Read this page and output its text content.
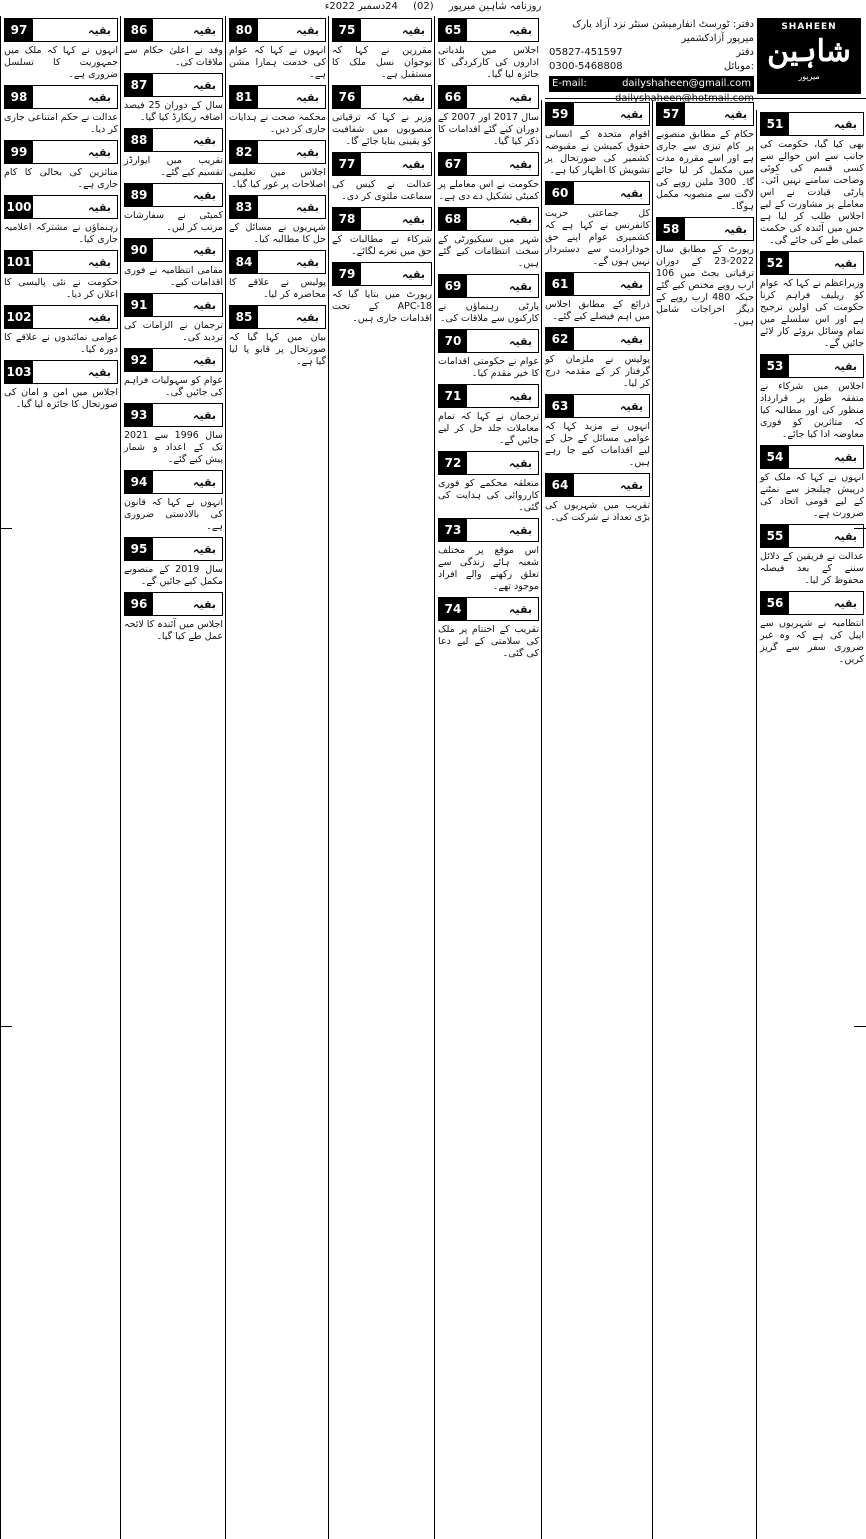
روزنامہ شاہین میرپور (02) 24دسمبر 2022ء
51	بقیہ
بھی کیا گیا، حکومت کی جانب سے اس حوالے سے کسی قسم کی کوئی وضاحت سامنے نہیں آئی۔ پارٹی قیادت نے اس معاملے پر مشاورت کے لیے اجلاس طلب کر لیا ہے جس میں آئندہ کی حکمت عملی طے کی جائے گی۔
52	بقیہ
وزیراعظم نے کہا کہ عوام کو ریلیف فراہم کرنا حکومت کی اولین ترجیح ہے اور اس سلسلے میں تمام وسائل بروئے کار لائے جائیں گے۔
53	بقیہ
اجلاس میں شرکاء نے متفقہ طور پر قرارداد منظور کی اور مطالبہ کیا کہ متاثرین کو فوری معاوضہ ادا کیا جائے۔
54	بقیہ
انہوں نے کہا کہ ملک کو درپیش چیلنجز سے نمٹنے کے لیے قومی اتحاد کی ضرورت ہے۔
55	بقیہ
عدالت نے فریقین کے دلائل سننے کے بعد فیصلہ محفوظ کر لیا۔
56	بقیہ
انتظامیہ نے شہریوں سے اپیل کی ہے کہ وہ غیر ضروری سفر سے گریز کریں۔
57	بقیہ
حکام کے مطابق منصوبے پر کام تیزی سے جاری ہے اور اسے مقررہ مدت میں مکمل کر لیا جائے گا۔ 300 ملین روپے کی لاگت سے منصوبہ مکمل ہوگا۔
58	بقیہ
رپورٹ کے مطابق سال 2022-23 کے دوران ترقیاتی بجٹ میں 106 ارب روپے مختص کیے گئے جبکہ 480 ارب روپے کے دیگر اخراجات شامل ہیں۔
59	بقیہ
اقوام متحدہ کے انسانی حقوق کمیشن نے مقبوضہ کشمیر کی صورتحال پر تشویش کا اظہار کیا ہے۔
60	بقیہ
کل جماعتی حریت کانفرنس نے کہا ہے کہ کشمیری عوام اپنے حق خودارادیت سے دستبردار نہیں ہوں گے۔
61	بقیہ
ذرائع کے مطابق اجلاس میں اہم فیصلے کیے گئے۔
62	بقیہ
پولیس نے ملزمان کو گرفتار کر کے مقدمہ درج کر لیا۔
63	بقیہ
انہوں نے مزید کہا کہ عوامی مسائل کے حل کے لیے اقدامات کیے جا رہے ہیں۔
64	بقیہ
تقریب میں شہریوں کی بڑی تعداد نے شرکت کی۔
65	بقیہ
اجلاس میں بلدیاتی اداروں کی کارکردگی کا جائزہ لیا گیا۔
66	بقیہ
سال 2017 اور 2007 کے دوران کیے گئے اقدامات کا ذکر کیا گیا۔
67	بقیہ
حکومت نے اس معاملے پر کمیٹی تشکیل دے دی ہے۔
68	بقیہ
شہر میں سیکیورٹی کے سخت انتظامات کیے گئے ہیں۔
69	بقیہ
پارٹی رہنماؤں نے کارکنوں سے ملاقات کی۔
70	بقیہ
عوام نے حکومتی اقدامات کا خیر مقدم کیا۔
71	بقیہ
ترجمان نے کہا کہ تمام معاملات جلد حل کر لیے جائیں گے۔
72	بقیہ
متعلقہ محکمے کو فوری کارروائی کی ہدایت کی گئی۔
73	بقیہ
اس موقع پر مختلف شعبہ ہائے زندگی سے تعلق رکھنے والے افراد موجود تھے۔
74	بقیہ
تقریب کے اختتام پر ملک کی سلامتی کے لیے دعا کی گئی۔
75	بقیہ
مقررین نے کہا کہ نوجوان نسل ملک کا مستقبل ہے۔
76	بقیہ
وزیر نے کہا کہ ترقیاتی منصوبوں میں شفافیت کو یقینی بنایا جائے گا۔
77	بقیہ
عدالت نے کیس کی سماعت ملتوی کر دی۔
78	بقیہ
شرکاء نے مطالبات کے حق میں نعرے لگائے۔
79	بقیہ
رپورٹ میں بتایا گیا کہ APC-18 کے تحت اقدامات جاری ہیں۔
80	بقیہ
انہوں نے کہا کہ عوام کی خدمت ہمارا مشن ہے۔
81	بقیہ
محکمہ صحت نے ہدایات جاری کر دیں۔
82	بقیہ
اجلاس میں تعلیمی اصلاحات پر غور کیا گیا۔
83	بقیہ
شہریوں نے مسائل کے حل کا مطالبہ کیا۔
84	بقیہ
پولیس نے علاقے کا محاصرہ کر لیا۔
85	بقیہ
بیان میں کہا گیا کہ صورتحال پر قابو پا لیا گیا ہے۔
86	بقیہ
وفد نے اعلیٰ حکام سے ملاقات کی۔
87	بقیہ
سال کے دوران 25 فیصد اضافہ ریکارڈ کیا گیا۔
88	بقیہ
تقریب میں ایوارڈز تقسیم کیے گئے۔
89	بقیہ
کمیٹی نے سفارشات مرتب کر لیں۔
90	بقیہ
مقامی انتظامیہ نے فوری اقدامات کیے۔
91	بقیہ
ترجمان نے الزامات کی تردید کی۔
92	بقیہ
عوام کو سہولیات فراہم کی جائیں گی۔
93	بقیہ
سال 1996 سے 2021 تک کے اعداد و شمار پیش کیے گئے۔
94	بقیہ
انہوں نے کہا کہ قانون کی بالادستی ضروری ہے۔
95	بقیہ
سال 2019 کے منصوبے مکمل کیے جائیں گے۔
96	بقیہ
اجلاس میں آئندہ کا لائحہ عمل طے کیا گیا۔
97	بقیہ
انہوں نے کہا کہ ملک میں جمہوریت کا تسلسل ضروری ہے۔
98	بقیہ
عدالت نے حکم امتناعی جاری کر دیا۔
99	بقیہ
متاثرین کی بحالی کا کام جاری ہے۔
100	بقیہ
رہنماؤں نے مشترکہ اعلامیہ جاری کیا۔
101	بقیہ
حکومت نے نئی پالیسی کا اعلان کر دیا۔
102	بقیہ
عوامی نمائندوں نے علاقے کا دورہ کیا۔
103	بقیہ
اجلاس میں امن و امان کی صورتحال کا جائزہ لیا گیا۔
SHAHEEN
شاہین
میرپور
دفتر: ٹورسٹ انفارمیشن سنٹر نزد آزاد پارک میرپور آزادکشمیر
05827-451597	دفتر
0300-5468808	موبائل:
E-mail:	dailyshaheen@gmail.com
dailyshaheen@hotmail.com
